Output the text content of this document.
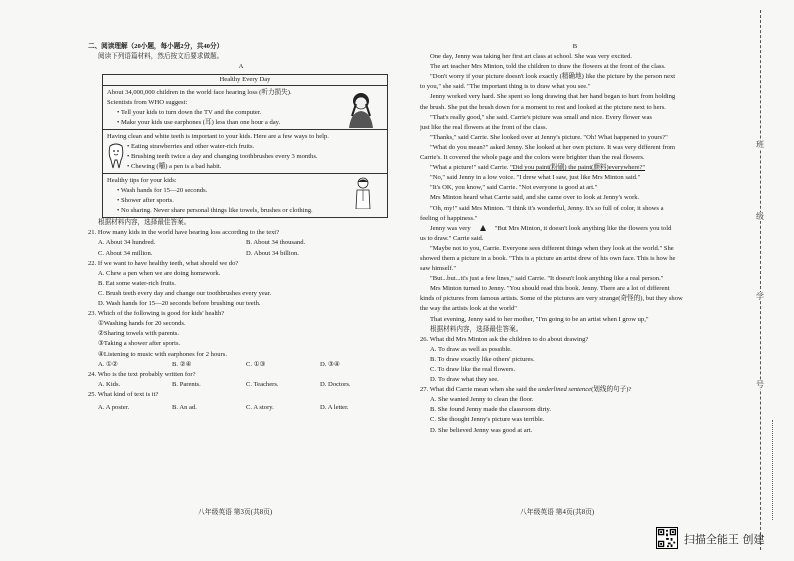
二、阅读理解（20小题，每小题2分，共40分）
阅读下列语篇材料，然后按文后要求做题。
A
Healthy Every Day
About 34,000,000 children in the world face hearing loss (听力损失).
Scientists from WHO suggest:
• Tell your kids to turn down the TV and the computer.
• Make your kids use earphones (耳) less than one hour a day.
Having clean and white teeth is important to your kids. Here are a few ways to help.
• Eating strawberries and other water-rich fruits.
• Brushing teeth twice a day and changing toothbrushes every 3 months.
• Chewing (嚼) a pen is a bad habit.
Healthy tips for your kids:
• Wash hands for 15—20 seconds.
• Shower after sports.
• No sharing. Never share personal things like towels, brushes or clothing.
根据材料内容，选择最佳答案。
21. How many kids in the world have hearing loss according to the text?
A. About 34 hundred.	B. About 34 thousand.
C. About 34 million.	D. About 34 billion.
22. If we want to have healthy teeth, what should we do?
A. Chew a pen when we are doing homework.
B. Eat some water-rich fruits.
C. Brush teeth every day and change our toothbrushes every year.
D. Wash hands for 15—20 seconds before brushing our teeth.
23. Which of the following is good for kids' health?
①Washing hands for 20 seconds.
②Sharing towels with parents.
③Taking a shower after sports.
④Listening to music with earphones for 2 hours.
A. ①②	B. ②④	C. ①③	D. ③④
24. Who is the text probably written for?
A. Kids.	B. Parents.	C. Teachers.	D. Doctors.
25. What kind of text is it?
A. A poster.	B. An ad.	C. A story.	D. A letter.
八年级英语 第3页(共8页)
B
One day, Jenny was taking her first art class at school. She was very excited.
The art teacher Mrs Minton, told the children to draw the flowers at the front of the class.
"Don't worry if your picture doesn't look exactly (精确地) like the picture by the person next
to you," she said. "The important thing is to draw what you see."
Jenny worked very hard. She spent so long drawing that her hand began to hurt from holding
the brush. She put the brush down for a moment to rest and looked at the picture next to hers.
"That's really good," she said. Carrie's picture was small and nice. Every flower was
just like the real flowers at the front of the class.
"Thanks," said Carrie. She looked over at Jenny's picture. "Oh! What happened to yours?"
"What do you mean?" asked Jenny. She looked at her own picture. It was very different from
Carrie's. It covered the whole page and the colors were brighter than the real flowers.
"What a picture!" said Carrie. "Did you paint(粉刷) the paint(颜料)everywhere?"
"No," said Jenny in a low voice. "I drew what I saw, just like Mrs Minton said."
"It's OK, you know," said Carrie. "Not everyone is good at art."
Mrs Minton heard what Carrie said, and she came over to look at Jenny's work.
"Oh, my!" said Mrs Minton. "I think it's wonderful, Jenny. It's so full of color, it shows a
feeling of happiness."
Jenny was very	"But Mrs Minton, it doesn't look anything like the flowers you told
us to draw." Carrie said.
"Maybe not to you, Carrie. Everyone sees different things when they look at the world." She
showed them a picture in a book. "This is a picture an artist drew of his own face. This is how he
saw himself."
"But...but...it's just a few lines," said Carrie. "It doesn't look anything like a real person."
Mrs Minton turned to Jenny. "You should read this book. Jenny. There are a lot of different
kinds of pictures from famous artists. Some of the pictures are very strange(奇怪的), but they show
the way the artists look at the world"
That evening, Jenny said to her mother, "I'm going to be an artist when I grow up,"
根据材料内容，选择最佳答案。
26. What did Mrs Minton ask the children to do about drawing?
A. To draw as well as possible.
B. To draw exactly like others' pictures.
C. To draw like the real flowers.
D. To draw what they see.
27. What did Carrie mean when she said the underlined sentence(划线的句子)?
A. She wanted Jenny to clean the floor.
B. She found Jenny made the classroom dirty.
C. She thought Jenny's picture was terrible.
D. She believed Jenny was good at art.
八年级英语 第4页(共8页)
班
级
学
号
扫描全能王 创建
